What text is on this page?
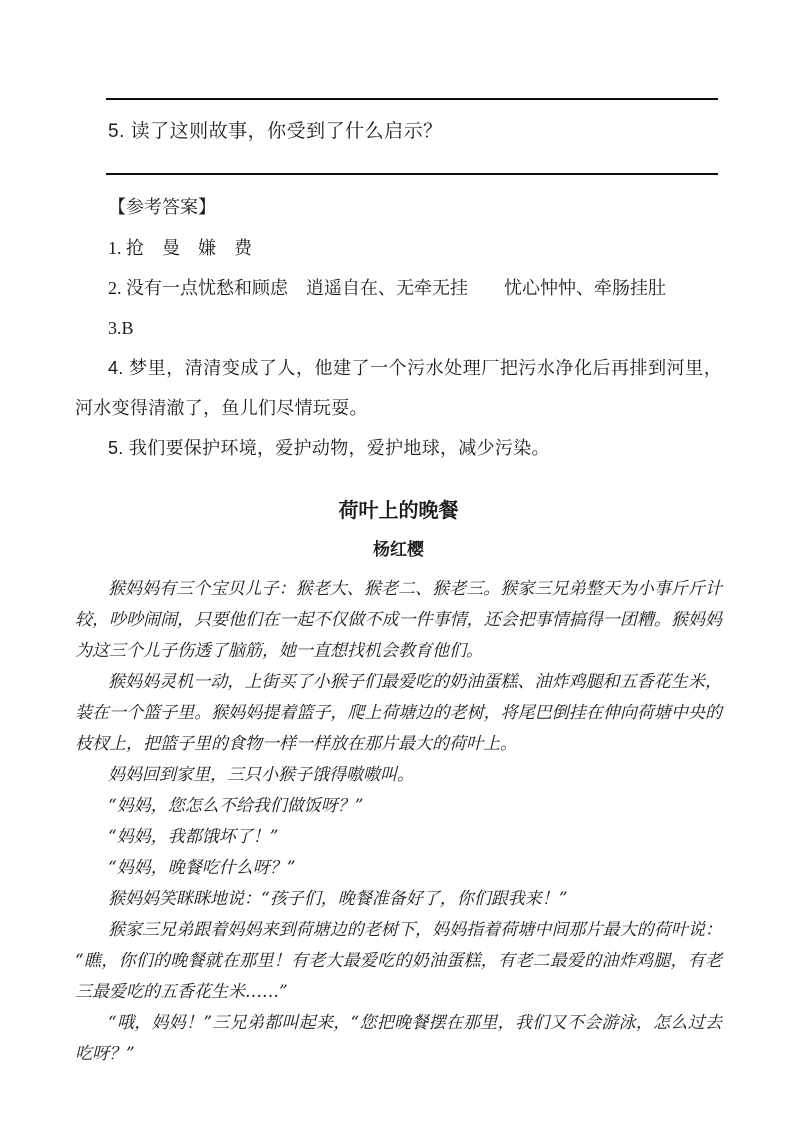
5. 读了这则故事，你受到了什么启示？

【参考答案】

1. 抢　曼　嫌　费

2. 没有一点忧愁和顾虑　逍遥自在、无牵无挂　　忧心忡忡、牵肠挂肚

3.B

4. 梦里，清清变成了人，他建了一个污水处理厂把污水净化后再排到河里，河水变得清澈了，鱼儿们尽情玩耍。

5. 我们要保护环境，爱护动物，爱护地球，减少污染。

荷叶上的晚餐
杨红樱

猴妈妈有三个宝贝儿子：猴老大、猴老二、猴老三。猴家三兄弟整天为小事斤斤计较，吵吵闹闹，只要他们在一起不仅做不成一件事情，还会把事情搞得一团糟。猴妈妈为这三个儿子伤透了脑筋，她一直想找机会教育他们。

猴妈妈灵机一动，上街买了小猴子们最爱吃的奶油蛋糕、油炸鸡腿和五香花生米，装在一个篮子里。猴妈妈提着篮子，爬上荷塘边的老树，将尾巴倒挂在伸向荷塘中央的枝杈上，把篮子里的食物一样一样放在那片最大的荷叶上。

妈妈回到家里，三只小猴子饿得嗷嗷叫。

“妈妈，您怎么不给我们做饭呀？”

“妈妈，我都饿坏了！”

“妈妈，晚餐吃什么呀？”

猴妈妈笑眯眯地说：“孩子们，晚餐准备好了，你们跟我来！”

猴家三兄弟跟着妈妈来到荷塘边的老树下，妈妈指着荷塘中间那片最大的荷叶说：“瞧，你们的晚餐就在那里！有老大最爱吃的奶油蛋糕，有老二最爱的油炸鸡腿，有老三最爱吃的五香花生米……”

“哦，妈妈！”三兄弟都叫起来，“您把晚餐摆在那里，我们又不会游泳，怎么过去吃呀？”
